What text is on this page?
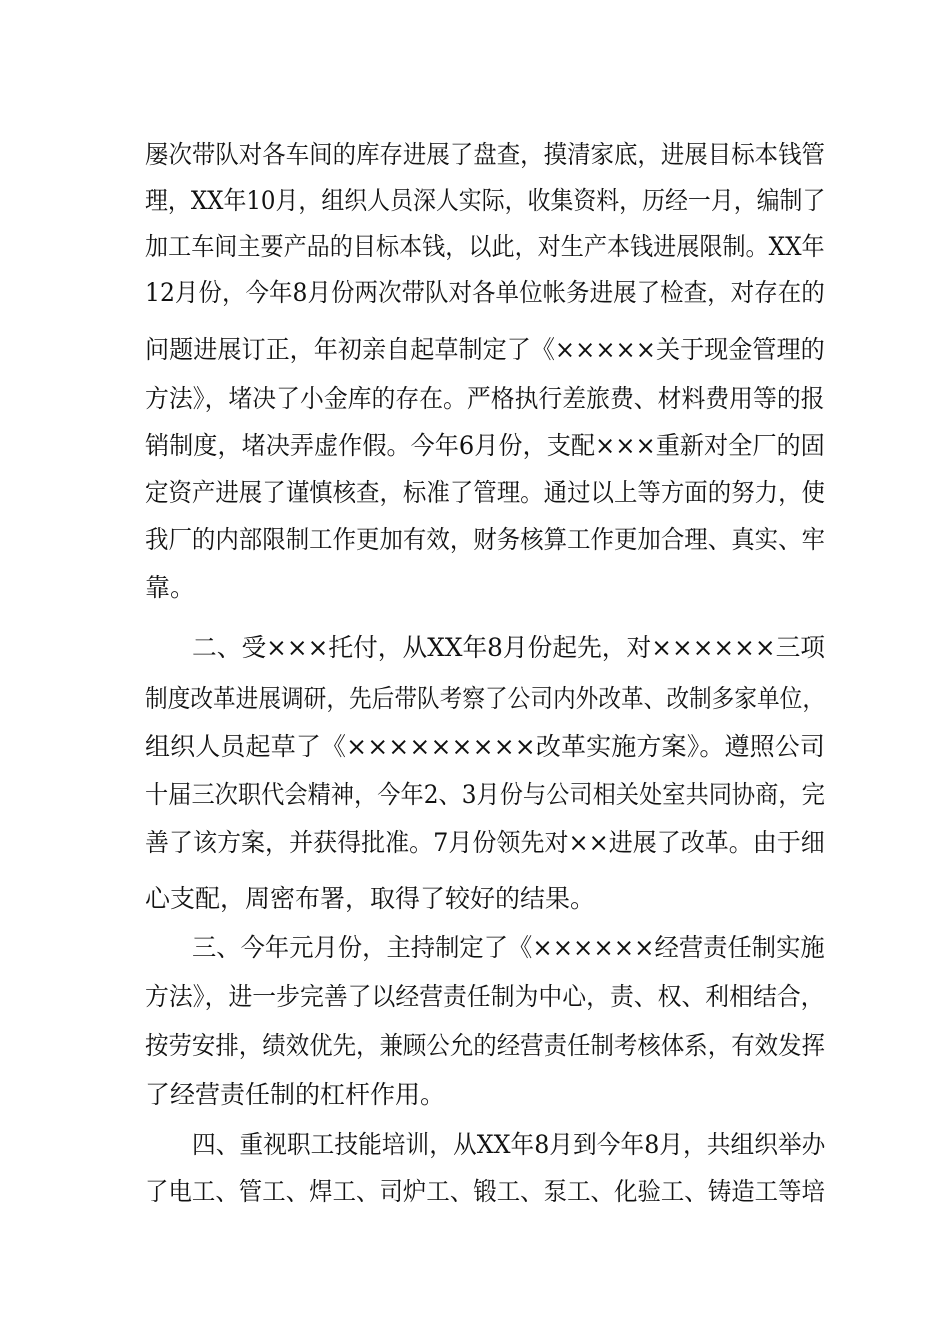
屡次带队对各车间的库存进展了盘查，摸清家底，进展目标本钱管
理，XX年10月，组织人员深人实际，收集资料，历经一月，编制了
加工车间主要产品的目标本钱，以此，对生产本钱进展限制。XX年
12月份，今年8月份两次带队对各单位帐务进展了检查，对存在的
问题进展订正，年初亲自起草制定了《×××××关于现金管理的
方法》，堵决了小金库的存在。严格执行差旅费、材料费用等的报
销制度，堵决弄虚作假。今年6月份，支配×××重新对全厂的固
定资产进展了谨慎核查，标准了管理。通过以上等方面的努力，使
我厂的内部限制工作更加有效，财务核算工作更加合理、真实、牢
靠。
二、受×××托付，从XX年8月份起先，对××××××三项
制度改革进展调研，先后带队考察了公司内外改革、改制多家单位，
组织人员起草了《×××××××××改革实施方案》。遵照公司
十届三次职代会精神，今年2、3月份与公司相关处室共同协商，完
善了该方案，并获得批准。7月份领先对××进展了改革。由于细
心支配，周密布署，取得了较好的结果。
三、今年元月份，主持制定了《××××××经营责任制实施
方法》，进一步完善了以经营责任制为中心，责、权、利相结合，
按劳安排，绩效优先，兼顾公允的经营责任制考核体系，有效发挥
了经营责任制的杠杆作用。
四、重视职工技能培训，从XX年8月到今年8月，共组织举办
了电工、管工、焊工、司炉工、锻工、泵工、化验工、铸造工等培
